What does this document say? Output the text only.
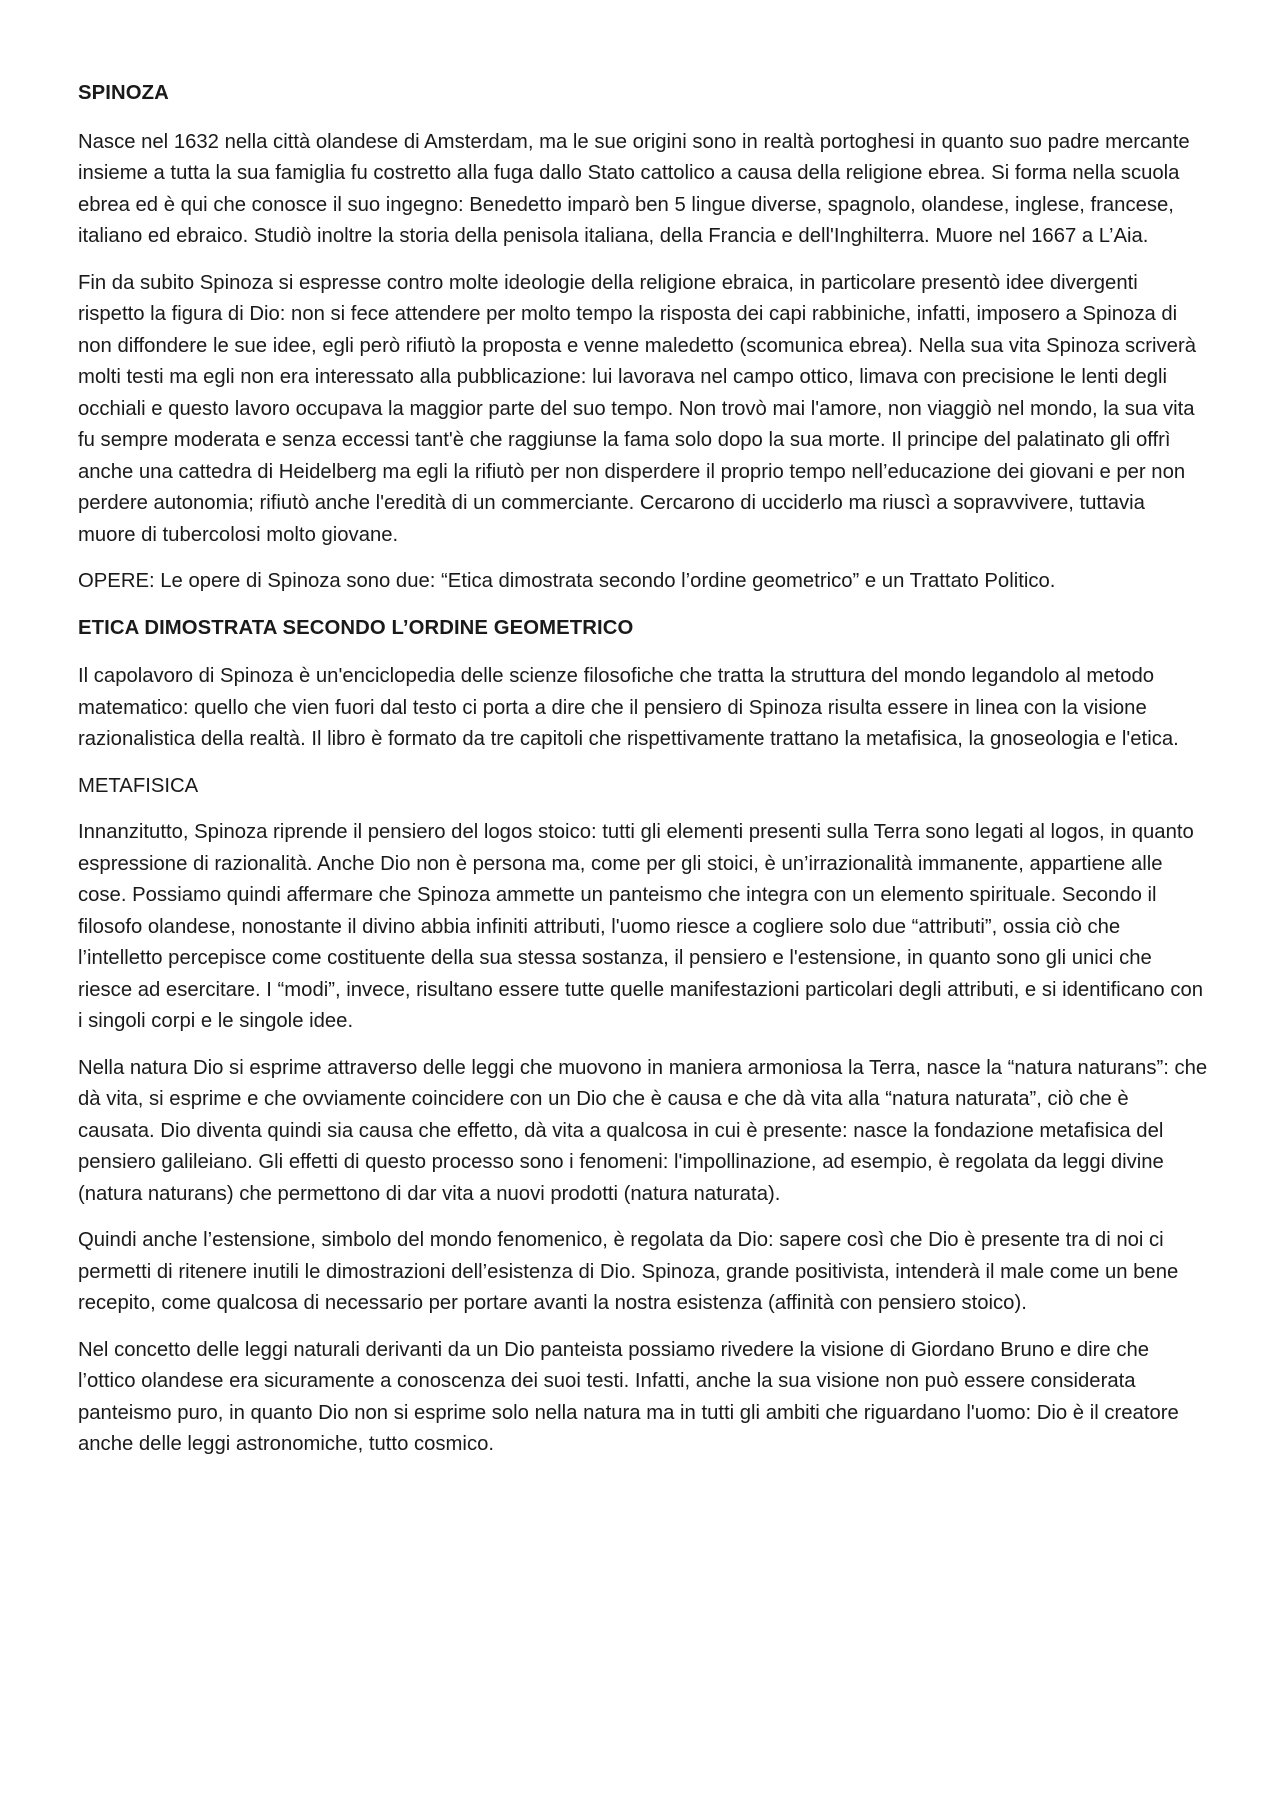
SPINOZA

Nasce nel 1632 nella città olandese di Amsterdam, ma le sue origini sono in realtà portoghesi in quanto suo padre mercante insieme a tutta la sua famiglia fu costretto alla fuga dallo Stato cattolico a causa della religione ebrea. Si forma nella scuola ebrea ed è qui che conosce il suo ingegno: Benedetto imparò ben 5 lingue diverse, spagnolo, olandese, inglese, francese, italiano ed ebraico. Studiò inoltre la storia della penisola italiana, della Francia e dell'Inghilterra. Muore nel 1667 a L’Aia.

Fin da subito Spinoza si espresse contro molte ideologie della religione ebraica, in particolare presentò idee divergenti rispetto la figura di Dio: non si fece attendere per molto tempo la risposta dei capi rabbiniche, infatti, imposero a Spinoza di non diffondere le sue idee, egli però rifiutò la proposta e venne maledetto (scomunica ebrea). Nella sua vita Spinoza scriverà molti testi ma egli non era interessato alla pubblicazione: lui lavorava nel campo ottico, limava con precisione le lenti degli occhiali e questo lavoro occupava la maggior parte del suo tempo. Non trovò mai l'amore, non viaggiò nel mondo, la sua vita fu sempre moderata e senza eccessi tant'è che raggiunse la fama solo dopo la sua morte. Il principe del palatinato gli offrì anche una cattedra di Heidelberg ma egli la rifiutò per non disperdere il proprio tempo nell’educazione dei giovani e per non perdere autonomia; rifiutò anche l'eredità di un commerciante. Cercarono di ucciderlo ma riuscì a sopravvivere, tuttavia muore di tubercolosi molto giovane.

OPERE: Le opere di Spinoza sono due: “Etica dimostrata secondo l’ordine geometrico” e un Trattato Politico.

ETICA DIMOSTRATA SECONDO L’ORDINE GEOMETRICO

Il capolavoro di Spinoza è un'enciclopedia delle scienze filosofiche che tratta la struttura del mondo legandolo al metodo matematico: quello che vien fuori dal testo ci porta a dire che il pensiero di Spinoza risulta essere in linea con la visione razionalistica della realtà. Il libro è formato da tre capitoli che rispettivamente trattano la metafisica, la gnoseologia e l'etica.

METAFISICA

Innanzitutto, Spinoza riprende il pensiero del logos stoico: tutti gli elementi presenti sulla Terra sono legati al logos, in quanto espressione di razionalità. Anche Dio non è persona ma, come per gli stoici, è un’irrazionalità immanente, appartiene alle cose. Possiamo quindi affermare che Spinoza ammette un panteismo che integra con un elemento spirituale. Secondo il filosofo olandese, nonostante il divino abbia infiniti attributi, l'uomo riesce a cogliere solo due “attributi”, ossia ciò che l’intelletto percepisce come costituente della sua stessa sostanza, il pensiero e l'estensione, in quanto sono gli unici che riesce ad esercitare. I “modi”, invece, risultano essere tutte quelle manifestazioni particolari degli attributi, e si identificano con i singoli corpi e le singole idee.

Nella natura Dio si esprime attraverso delle leggi che muovono in maniera armoniosa la Terra, nasce la “natura naturans”: che dà vita, si esprime e che ovviamente coincidere con un Dio che è causa e che dà vita alla “natura naturata”, ciò che è causata. Dio diventa quindi sia causa che effetto, dà vita a qualcosa in cui è presente: nasce la fondazione metafisica del pensiero galileiano. Gli effetti di questo processo sono i fenomeni: l'impollinazione, ad esempio, è regolata da leggi divine (natura naturans) che permettono di dar vita a nuovi prodotti (natura naturata).

Quindi anche l’estensione, simbolo del mondo fenomenico, è regolata da Dio: sapere così che Dio è presente tra di noi ci permetti di ritenere inutili le dimostrazioni dell’esistenza di Dio. Spinoza, grande positivista, intenderà il male come un bene recepito, come qualcosa di necessario per portare avanti la nostra esistenza (affinità con pensiero stoico).

Nel concetto delle leggi naturali derivanti da un Dio panteista possiamo rivedere la visione di Giordano Bruno e dire che l’ottico olandese era sicuramente a conoscenza dei suoi testi. Infatti, anche la sua visione non può essere considerata panteismo puro, in quanto Dio non si esprime solo nella natura ma in tutti gli ambiti che riguardano l'uomo: Dio è il creatore anche delle leggi astronomiche, tutto cosmico.
